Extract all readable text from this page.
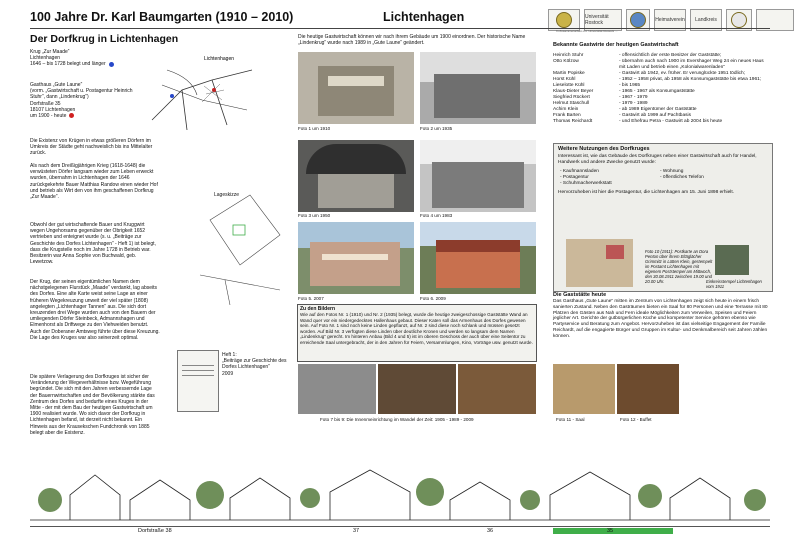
100 Jahre Dr. Karl Baumgarten (1910 – 2010)	Lichtenhagen	Universität Rostock	Heimatverein	Landkreis
In Zusammenarbeit mit: Universität Rostock ...
Der Dorfkrug in Lichtenhagen
Krug „Zur Maade“
Lichtenhagen
1646 – bis 1728 belegt und länger
Gasthaus „Gute Laune“
(vorm. „Gastwirtschaft u. Postagentur Heinrich Stuhr“, dann „Lindenkrug“)
Dorfstraße 35
18107 Lichtenhagen
um 1900 - heute
Lichtenhagen
Die Existenz von Krügen in etwas größeren Dörfern im Umkreis der Städte geht nachweislich bis ins Mittelalter zurück.
Als nach dem Dreißigjährigen Krieg (1618-1648) die verwüsteten Dörfer langsam wieder zum Leben erweckt wurden, übernahm in Lichtenhagen der 1646 zurückgekehrte Bauer Matthias Randow einen wieder Hof und betrieb als Wirt den von ihm geschaffenen Dorfkrug „Zur Maade“.
Obwohl der gut wirtschaftende Bauer und Kruggwirt wegen Ungehorsams gegenüber der Obrigkeit 1652 vertrieben und enteignet wurde (s. u. „Beiträge zur Geschichte des Dorfes Lichtenhagen“ - Heft 1) ist belegt, dass die Krugstelle noch im Jahre 1728 in Betrieb war. Besitzerin war Anna Sophie von Buchwald, geb. Lewetzow.
Der Krug, der seinen eigentümlichen Namen dem nächstgelegenen Flurstück „Maade“ verdankt, lag abseits des Dorfes. Eine alte Karte weist seine Lage an einer früheren Wegekreuzung unweit der viel später (1808) angelegten „Lichtenhager Tannen“ aus. Die sich dort kreuzenden drei Wege wurden auch von den Bauern der umliegenden Dörfer Steinbeck, Admannshagen und Elmenhorst als Driftwege zu den Viehweiden benutzt. Auch der Doberaner Amtsweg führte über diese Kreuzung. Die Lage des Kruges war also seinerzeit optimal.
Die spätere Verlagerung des Dorfkruges ist sicher der Veränderung der Wegeverhältnisse bzw. Wegeführung begründet. Die sich mit den Jahren verbessernde Lage der Bauernwirtschaften und der Bevölkerung stärkte das Zentrum des Dorfes und bedurfte eines Kruges in der Mitte - der mit dem Bau der heutigen Gastwirtschaft um 1900 realisiert wurde. Wo sich davor der Dorfkrug in Lichtenhagen befand, ist derzeit nicht bekannt. Ein Hinweis aus der Krausekschen Fundchronik von 1885 belegt aber die Existenz.
Lageskizze
Heft 1:
„Beiträge zur Geschichte des Dorfes Lichtenhagen“
2009
Die heutige Gastwirtschaft können wir nach ihrem Gebäude um 1900 einordnen. Der historische Name „Lindenkrug“ wurde nach 1989 in „Gute Laune“ geändert.
Foto 1 um 1910	Foto 2 um 1935
Foto 3 um 1950	Foto 4 um 1983
Foto 5. 2007	Foto 6. 2009
Zu den Bildern
Wie auf den Fotos Nr. 1 (1910) und Nr. 2 (1935) belegt, wurde die heutige zweigeschossige Gaststätte Wand an Wand quer vor ein niedergedecktes Hallenhaus gebaut. Dieser Katen soll das Armenhaus des Dorfes gewesen sein. Auf Foto Nr. 1 sind noch keine Linden gepflanzt, auf Nr. 2 sind diese noch schlank und müssen gesetzt worden. Auf Bild Nr. 3 verfügten diese Linden über deutliche Kronen und werden so langsam dem Namen „Lindenkrug“ gerecht. Im hinteren Anbau (Bild 4 und 5) ist im oberen Geschoss der auch über eine Seitentür zu erreichende Saal untergebracht, der in den Jahren für Feiern, Versammlungen, Kino, Vorträge usw. genutzt wurde.
Foto 7 bis 9: Die Innenmeinrichtung im Wandel der Zeit: 1905 - 1989 - 2009
Bekannte Gastwirte der heutigen Gastwirtschaft
Heinrich Stuhr	- offensichtlich der erste Besitzer der Gaststätte;
Otto Kölzow	- übernahm auch nach 1900 im Evershager Weg 24 ein neues Haus mit Laden und betrieb einen „Kolonialwarenladen“
Martin Popiske	- Gastwirt ab 1942, ev. früher. Er verunglückte 1951 tödlich;
Horst Kühl	- 1952 – 1958 privat, ab 1958 als Konsumgaststätte bis etwa 1961;
Lieselotte Kühl	- bis 1965
Klaus-Dieter Beyer	- 1965 - 1967 als Konsumgaststätte
Siegfried Rückert	- 1967 - 1979
Helmut Staschull	- 1979 - 1989
Achim Klein	- ab 1989 Eigentümer der Gaststätte
Frank Barten	- Gastwirt ab 1999 auf Pachtbasis
Thomas Reichardt	- und Ehefrau Petra - Gastwirt ab 2004 bis heute
Weitere Nutzungen des Dorfkruges
Interessant ist, wie das Gebäude des Dorfkruges neben einer Gastwirtschaft auch für Handel, Handwerk und andere Zwecke genutzt wurde:
- Kaufmannsladen	- Wohnung
- Postagentur	- öffentliches Telefon
- Schuhmacherwerkstatt
Hervorzuheben ist hier die Postagentur, die Lichtenhagen am 15. Juni 1898 erhielt.
Foto 10 (1911): Postkarte an Dora Penton über ihrem Eltäglächer Grimmitz in Lütten Klein, gestempelt im Postamt Lichtenhagen mit eigenem Poststempel am Mittwoch, den 30.08.1911 zwischen 19.00 und 20.00 Uhr.	Einkreisstempel Lichtenhagen vom 1911
Die Gaststätte heute
Das Gasthaus „Gute Laune“ mitten im Zentrum von Lichtenhagen zeigt sich heute in einem frisch sanierten Zustand. Neben den Gasträumen bieten ein Saal für 80 Personen und eine Terrasse mit 80 Plätzen den Gästen aus Nah und Fern ideale Möglichkeiten zum Verweilen, Speisen und Feiern jeglicher Art. Gerichte der gutbürgerlichen Küche und kompetenter Service gehören ebenso wie Partyservice und Beratung zum Angebot. Hervorzuheben ist das vielseitige Engagement der Familie Reichardt, auf die engagierte Bürger und Gruppen im Kultur- und Denkmalbereich seit Jahren zählen können.
Foto 11 - Saal	Foto 12 - Buffet
Dorfstraße 38	37	36	35
